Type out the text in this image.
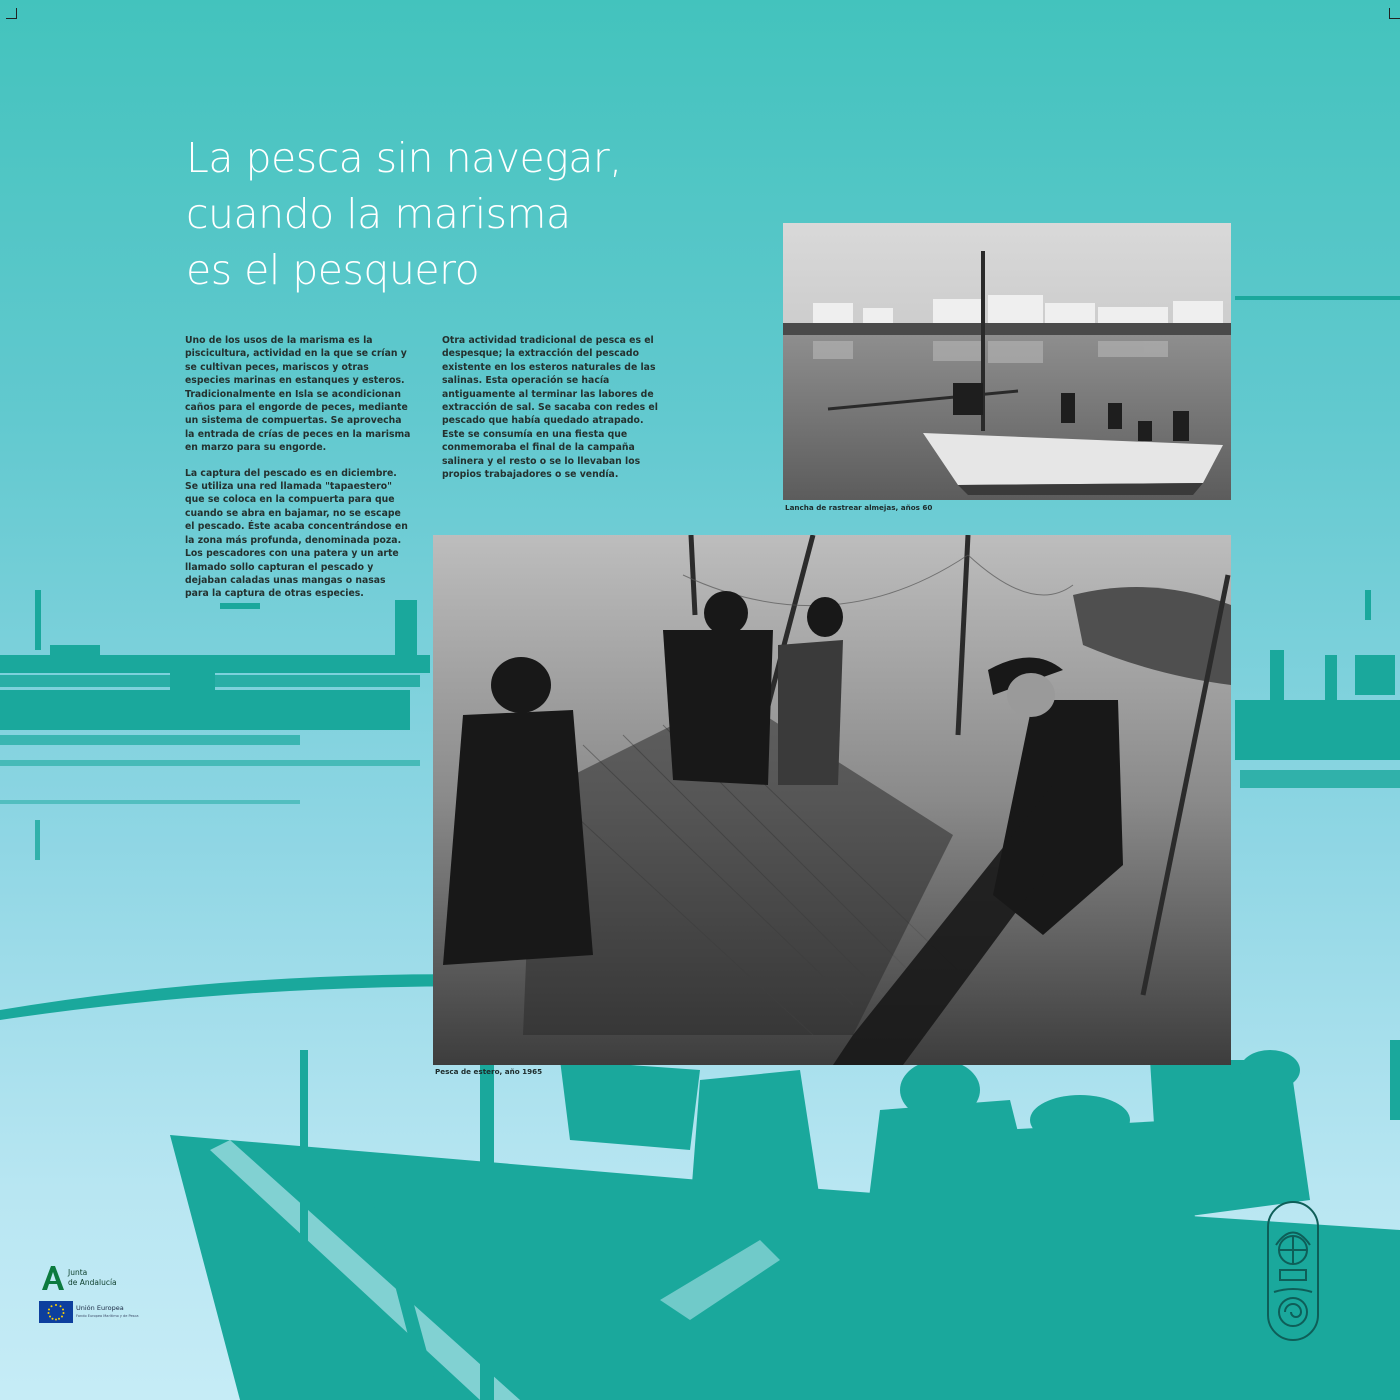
La pesca sin navegar,
cuando la marisma
es el pesquero

Uno de los usos de la marisma es la piscicultura, actividad en la que se crían y se cultivan peces, mariscos y otras especies marinas en estanques y esteros. Tradicionalmente en Isla se acondicionan caños para el engorde de peces, mediante un sistema de compuertas. Se aprovecha la entrada de crías de peces en la marisma en marzo para su engorde.

La captura del pescado es en diciembre. Se utiliza una red llamada "tapaestero" que se coloca en la compuerta para que cuando se abra en bajamar, no se escape el pescado. Éste acaba concentrándose en la zona más profunda, denominada poza. Los pescadores con una patera y un arte llamado sollo capturan el pescado y dejaban caladas unas mangas o nasas para la captura de otras especies.

Otra actividad tradicional de pesca es el despesque; la extracción del pescado existente en los esteros naturales de las salinas. Esta operación se hacía antiguamente al terminar las labores de extracción de sal. Se sacaba con redes el pescado que había quedado atrapado. Este se consumía en una fiesta que conmemoraba el final de la campaña salinera y el resto o se lo llevaban los propios trabajadores o se vendía.

Lancha de rastrear almejas, años 60
Pesca de estero, año 1965
Junta
de Andalucía
Unión Europea
Fondo Europeo Marítimo y de Pesca
